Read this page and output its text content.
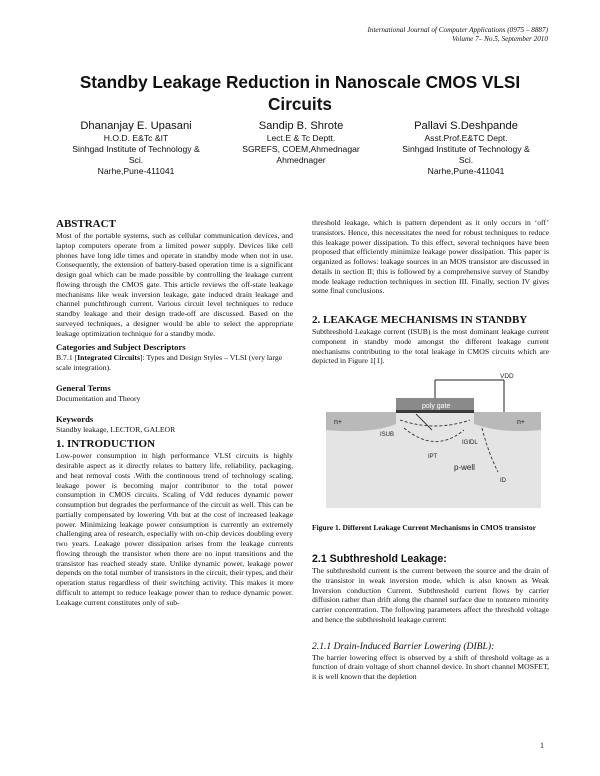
International Journal of Computer Applications (0975 – 8887)
Volume 7– No.5, September 2010
Standby Leakage Reduction in Nanoscale CMOS VLSI Circuits
Dhananjay E. Upasani
H.O.D. E&Tc &IT
Sinhgad Institute of Technology &
Sci.
Narhe,Pune-411041
Sandip B. Shrote
Lect.E & Tc Deptt.
SGREFS, COEM,Ahmednagar
Ahmednager
Pallavi S.Deshpande
Asst.Prof.E&TC Dept.
Sinhgad Institute of Technology &
Sci.
Narhe,Pune-411041
ABSTRACT

Most of the portable systems, such as cellular communication devices, and laptop computers operate from a limited power supply. Devices like cell phones have long idle times and operate in standby mode when not in use. Consequently, the extension of battery-based operation time is a significant design goal which can be made possible by controlling the leakage current flowing through the CMOS gate. This article reviews the off-state leakage mechanisms like weak inversion leakage, gate induced drain leakage and channel punchthrough current. Various circuit level techniques to reduce standby leakage and their design trade-off are discussed. Based on the surveyed techniques, a designer would be able to select the appropriate leakage optimization technique for a standby mode.

Categories and Subject Descriptors

B.7.1 [Integrated Circuits]: Types and Design Styles – VLSI (very large scale integration).

General Terms

Documentation and Theory

Keywords

Standby leakage, LECTOR, GALEOR

1. INTRODUCTION

Low-power consumption in high performance VLSI circuits is highly desirable aspect as it directly relates to battery life, reliability, packaging, and heat removal costs .With the continuous trend of technology scaling, leakage power is becoming major contributor to the total power consumption in CMOS circuits. Scaling of Vdd reduces dynamic power consumption but degrades the performance of the circuit as well. This can be partially compensated by lowering Vth but at the cost of increased leakage power. Minimizing leakage power consumption is currently an extremely challenging area of research, especially with on-chip devices doubling every two years. Leakage power dissipation arises from the leakage currents flowing through the transistor when there are no input transitions and the transistor has reached steady state. Unlike dynamic power, leakage power depends on the total number of transistors in the circuit, their types, and their operation status regardless of their switching activity. This makes it more difficult to attempt to reduce leakage power than to reduce dynamic power. Leakage current constitutes only of sub-

threshold leakage, which is pattern dependent as it only occurs in ‘off’ transistors. Hence, this necessitates the need for robust techniques to reduce this leakage power dissipation. To this effect, several techniques have been proposed that efficiently minimize leakage power dissipation. This paper is organized as follows: leakage sources in an MOS transistor are discussed in details in section II; this is followed by a comprehensive survey of Standby mode leakage reduction techniques in section III. Finally, section IV gives some final conclusions.

2. LEAKAGE MECHANISMS IN STANDBY

Subthreshold Leakage current (ISUB) is the most dominant leakage current component in standby mode amongst the different leakage current mechanisms contributing to the total leakage in CMOS circuits which are depicted in Figure 1[1].

poly gate
VDD
n+	n+
ISUB
IGIDL
IPT
ID
p-well
Figure 1. Different Leakage Current Mechanisms in CMOS transistor
2.1 Subthreshold Leakage:

The subthreshold current is the current between the source and the drain of the transistor in weak inversion mode, which is also known as Weak Inversion conduction Current. Subthreshold current flows by carrier diffusion rather than drift along the channel surface due to nonzero minority carrier concentration. The following parameters affect the threshold voltage and hence the subthreshold leakage current:

2.1.1 Drain-Induced Barrier Lowering (DIBL):

The barrier lowering effect is observed by a shift of threshold voltage as a function of drain voltage of short channel device. In short channel MOSFET, it is well known that the depletion

1
